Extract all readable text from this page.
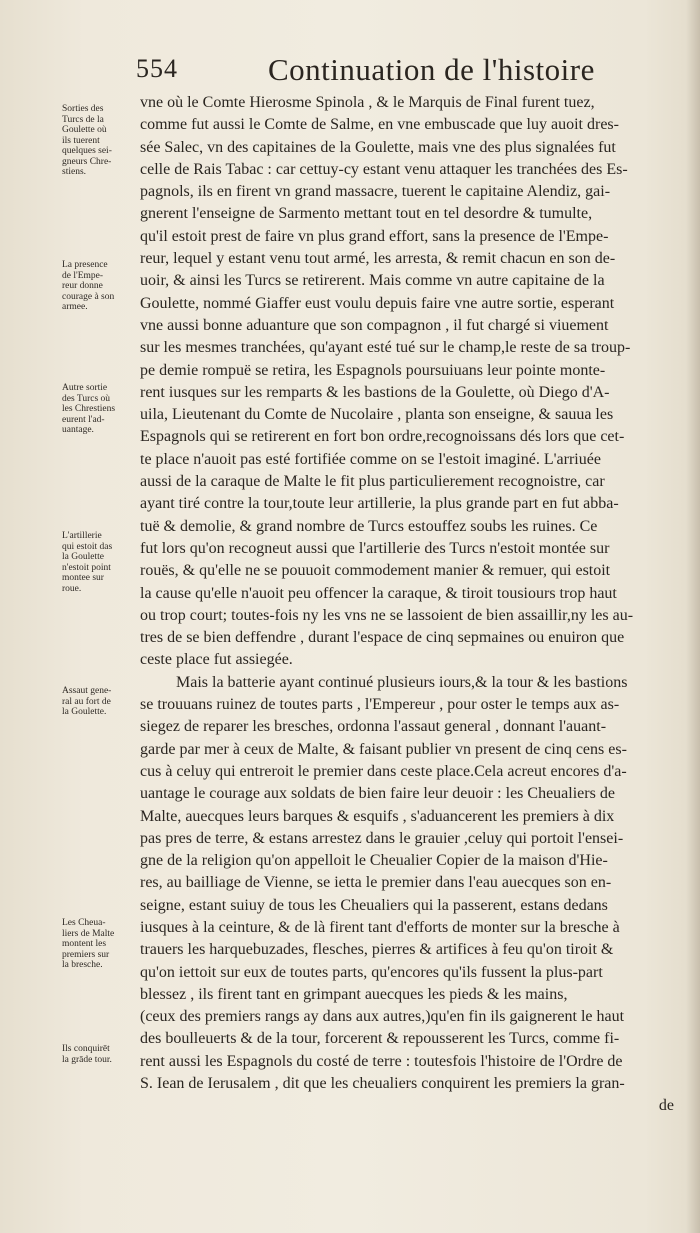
554	Continuation de l'histoire
Sorties des
Turcs de la
Goulette où
ils tuerent
quelques sei-
gneurs Chre-
stiens.
La presence
de l'Empe-
reur donne
courage à son
armee.
Autre sortie
des Turcs où
les Chrestiens
eurent l'ad-
uantage.
L'artillerie
qui estoit das
la Goulette
n'estoit point
montee sur
roue.
Assaut gene-
ral au fort de
la Goulette.
Les Cheua-
liers de Malte
montent les
premiers sur
la bresche.
Ils conquirēt
la grāde tour.
vne où le Comte Hierosme Spinola , & le Marquis de Final furent tuez,
comme fut aussi le Comte de Salme, en vne embuscade que luy auoit dres-
sée Salec, vn des capitaines de la Goulette, mais vne des plus signalées fut
celle de Rais Tabac : car cettuy-cy estant venu attaquer les tranchées des Es-
pagnols, ils en firent vn grand massacre, tuerent le capitaine Alendiz, gai-
gnerent l'enseigne de Sarmento mettant tout en tel desordre & tumulte,
qu'il estoit prest de faire vn plus grand effort, sans la presence de l'Empe-
reur, lequel y estant venu tout armé, les arresta, & remit chacun en son de-
uoir, & ainsi les Turcs se retirerent. Mais comme vn autre capitaine de la
Goulette, nommé Giaffer eust voulu depuis faire vne autre sortie, esperant
vne aussi bonne aduanture que son compagnon , il fut chargé si viuement
sur les mesmes tranchées, qu'ayant esté tué sur le champ,le reste de sa troup-
pe demie rompuë se retira, les Espagnols poursuiuans leur pointe monte-
rent iusques sur les remparts & les bastions de la Goulette, où Diego d'A-
uila, Lieutenant du Comte de Nucolaire , planta son enseigne, & sauua les
Espagnols qui se retirerent en fort bon ordre,recognoissans dés lors que cet-
te place n'auoit pas esté fortifiée comme on se l'estoit imaginé. L'arriuée
aussi de la caraque de Malte le fit plus particulierement recognoistre, car
ayant tiré contre la tour,toute leur artillerie, la plus grande part en fut abba-
tuë & demolie, & grand nombre de Turcs estouffez soubs les ruines. Ce
fut lors qu'on recogneut aussi que l'artillerie des Turcs n'estoit montée sur
rouës, & qu'elle ne se pouuoit commodement manier & remuer, qui estoit
la cause qu'elle n'auoit peu offencer la caraque, & tiroit tousiours trop haut
ou trop court; toutes-fois ny les vns ne se lassoient de bien assaillir,ny les au-
tres de se bien deffendre , durant l'espace de cinq sepmaines ou enuiron que
ceste place fut assiegée.
Mais la batterie ayant continué plusieurs iours,& la tour & les bastions
se trouuans ruinez de toutes parts , l'Empereur , pour oster le temps aux as-
siegez de reparer les bresches, ordonna l'assaut general , donnant l'auant-
garde par mer à ceux de Malte, & faisant publier vn present de cinq cens es-
cus à celuy qui entreroit le premier dans ceste place.Cela acreut encores d'a-
uantage le courage aux soldats de bien faire leur deuoir : les Cheualiers de
Malte, auecques leurs barques & esquifs , s'aduancerent les premiers à dix
pas pres de terre, & estans arrestez dans le grauier ,celuy qui portoit l'ensei-
gne de la religion qu'on appelloit le Cheualier Copier de la maison d'Hie-
res, au bailliage de Vienne, se ietta le premier dans l'eau auecques son en-
seigne, estant suiuy de tous les Cheualiers qui la passerent, estans dedans
iusques à la ceinture, & de là firent tant d'efforts de monter sur la bresche à
trauers les harquebuzades, flesches, pierres & artifices à feu qu'on tiroit &
qu'on iettoit sur eux de toutes parts, qu'encores qu'ils fussent la plus-part
blessez , ils firent tant en grimpant auecques les pieds & les mains,
(ceux des premiers rangs ay dans aux autres,)qu'en fin ils gaignerent le haut
des boulleuerts & de la tour, forcerent & repousserent les Turcs, comme fi-
rent aussi les Espagnols du costé de terre : toutesfois l'histoire de l'Ordre de
S. Iean de Ierusalem , dit que les cheualiers conquirent les premiers la gran-
de
